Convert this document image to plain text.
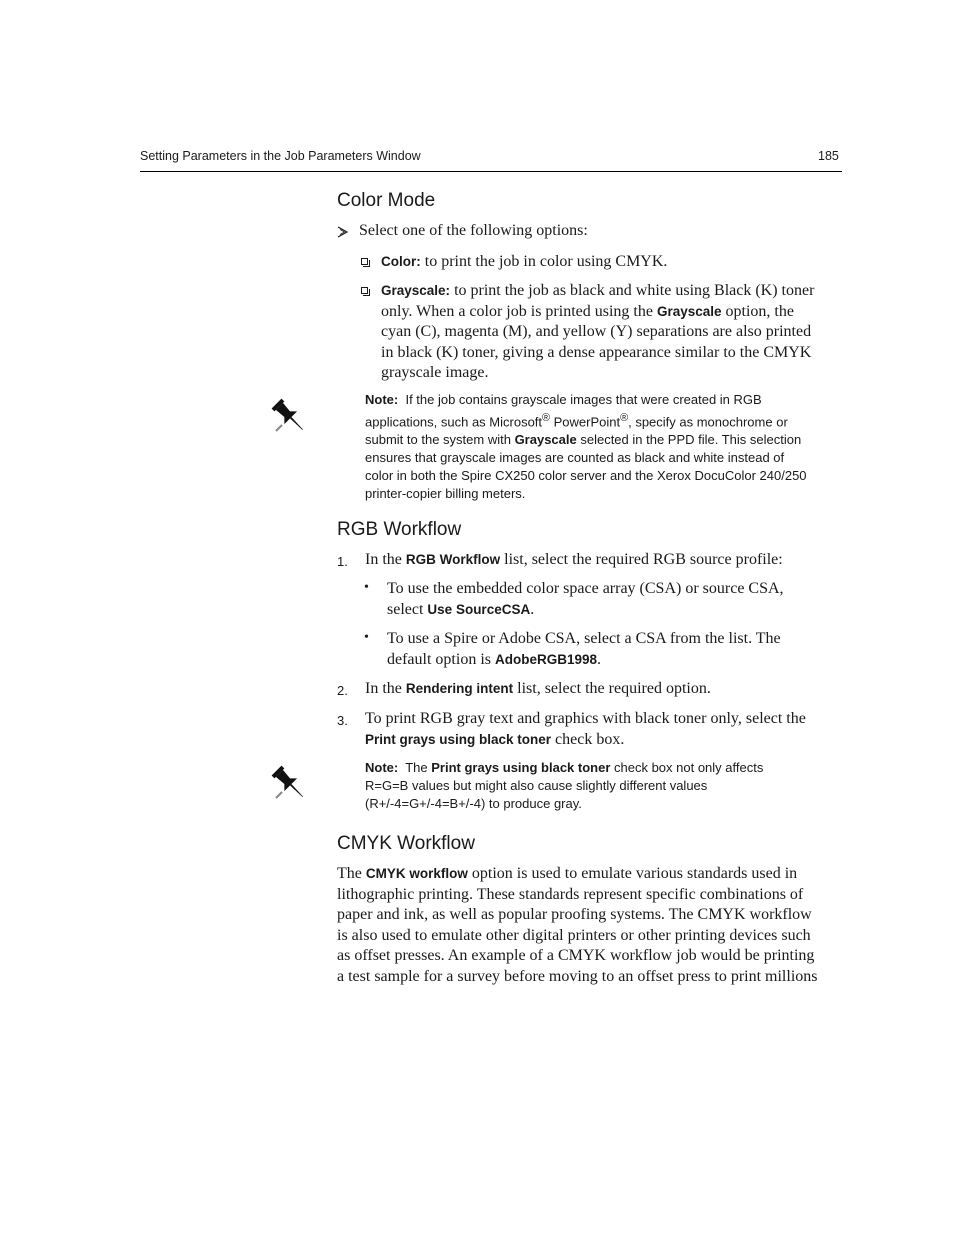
Setting Parameters in the Job Parameters Window	185
Color Mode
Select one of the following options:
Color: to print the job in color using CMYK.
Grayscale: to print the job as black and white using Black (K) toner
only. When a color job is printed using the Grayscale option, the
cyan (C), magenta (M), and yellow (Y) separations are also printed
in black (K) toner, giving a dense appearance similar to the CMYK
grayscale image.
Note: If the job contains grayscale images that were created in RGB
applications, such as Microsoft® PowerPoint®, specify as monochrome or
submit to the system with Grayscale selected in the PPD file. This selection
ensures that grayscale images are counted as black and white instead of
color in both the Spire CX250 color server and the Xerox DocuColor 240/250
printer-copier billing meters.
RGB Workflow
1. In the RGB Workflow list, select the required RGB source profile:
• To use the embedded color space array (CSA) or source CSA,
select Use SourceCSA.
• To use a Spire or Adobe CSA, select a CSA from the list. The
default option is AdobeRGB1998.
2. In the Rendering intent list, select the required option.
3. To print RGB gray text and graphics with black toner only, select the
Print grays using black toner check box.
Note: The Print grays using black toner check box not only affects
R=G=B values but might also cause slightly different values
(R+/-4=G+/-4=B+/-4) to produce gray.
CMYK Workflow
The CMYK workflow option is used to emulate various standards used in
lithographic printing. These standards represent specific combinations of
paper and ink, as well as popular proofing systems. The CMYK workflow
is also used to emulate other digital printers or other printing devices such
as offset presses. An example of a CMYK workflow job would be printing
a test sample for a survey before moving to an offset press to print millions
